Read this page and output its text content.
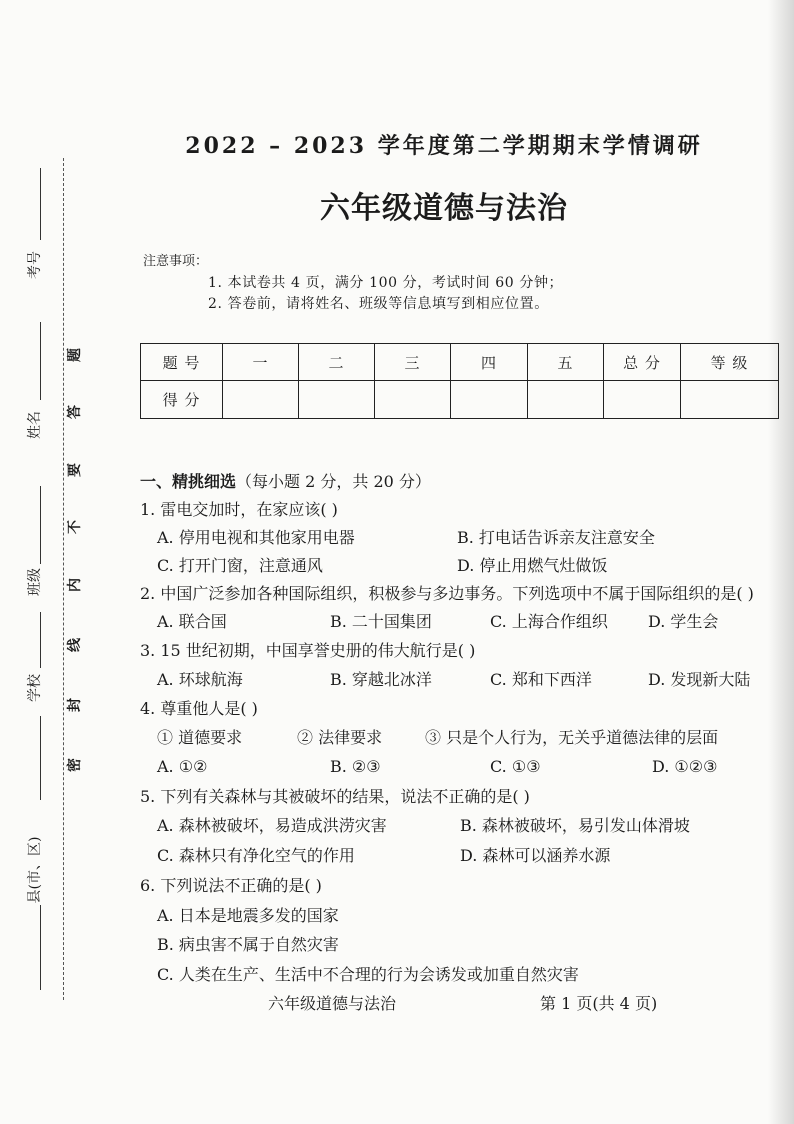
考号
姓名
班级
学校
县(市、区)
题
答
要
不
内
线
封
密
2022 – 2023 学年度第二学期期末学情调研
六年级道德与法治
注意事项：
1. 本试卷共 4 页，满分 100 分，考试时间 60 分钟；
2. 答卷前，请将姓名、班级等信息填写到相应位置。
题 号	一	二	三	四	五	总 分	等 级
得 分							
一、精挑细选（每小题 2 分，共 20 分）
1. 雷电交加时，在家应该( )
A. 停用电视和其他家用电器	B. 打电话告诉亲友注意安全
C. 打开门窗，注意通风	D. 停止用燃气灶做饭
2. 中国广泛参加各种国际组织，积极参与多边事务。下列选项中不属于国际组织的是( )
A. 联合国	B. 二十国集团	C. 上海合作组织	D. 学生会
3. 15 世纪初期，中国享誉史册的伟大航行是( )
A. 环球航海	B. 穿越北冰洋	C. 郑和下西洋	D. 发现新大陆
4. 尊重他人是( )
① 道德要求	② 法律要求	③ 只是个人行为，无关乎道德法律的层面
A. ①②	B. ②③	C. ①③	D. ①②③
5. 下列有关森林与其被破坏的结果，说法不正确的是( )
A. 森林被破坏，易造成洪涝灾害	B. 森林被破坏，易引发山体滑坡
C. 森林只有净化空气的作用	D. 森林可以涵养水源
6. 下列说法不正确的是( )
A. 日本是地震多发的国家
B. 病虫害不属于自然灾害
C. 人类在生产、生活中不合理的行为会诱发或加重自然灾害
六年级道德与法治	第 1 页(共 4 页)
